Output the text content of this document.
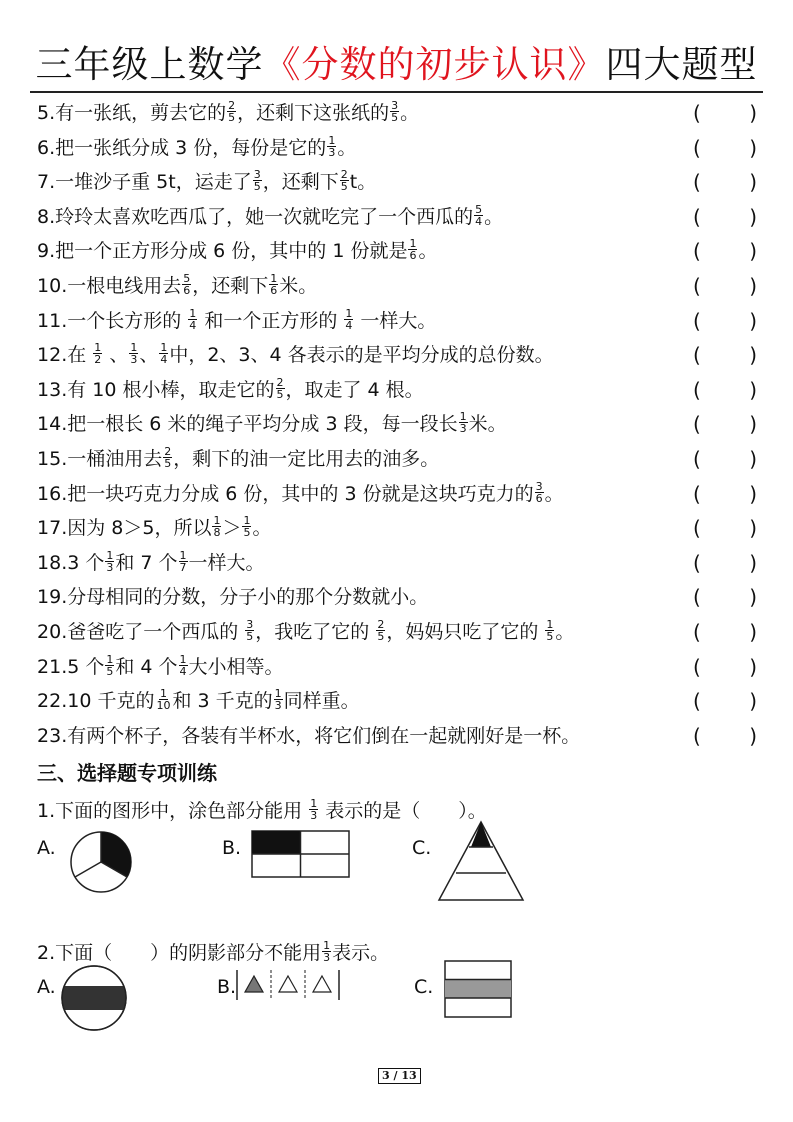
三年级上数学《分数的初步认识》四大题型
5.有一张纸，剪去它的 $\frac{2}{5}$ ，还剩下这张纸的 $\frac{3}{5}$ 。	( )
6.把一张纸分成 3 份，每份是它的 $\frac{1}{3}$ 。	( )
7.一堆沙子重 5t，运走了 $\frac{3}{5}$ ，还剩下 $\frac{2}{5}$ t。	( )
8.玲玲太喜欢吃西瓜了，她一次就吃完了一个西瓜的 $\frac{5}{4}$ 。	( )
9.把一个正方形分成 6 份，其中的 1 份就是 $\frac{1}{6}$ 。	( )
10.一根电线用去 $\frac{5}{6}$ ，还剩下 $\frac{1}{6}$ 米。	( )
11.一个长方形的 $\frac{1}{4}$ 和一个正方形的 $\frac{1}{4}$ 一样大。	( )
12.在 $\frac{1}{2}$ 、 $\frac{1}{3}$ 、 $\frac{1}{4}$ 中，2、3、4 各表示的是平均分成的总份数。	( )
13.有 10 根小棒，取走它的 $\frac{2}{5}$ ，取走了 4 根。	( )
14.把一根长 6 米的绳子平均分成 3 段，每一段长 $\frac{1}{3}$ 米。	( )
15.一桶油用去 $\frac{2}{5}$ ，剩下的油一定比用去的油多。	( )
16.把一块巧克力分成 6 份，其中的 3 份就是这块巧克力的 $\frac{3}{6}$ 。	( )
17.因为 8＞5，所以 $\frac{1}{8} > \frac{1}{5}$ 。	( )
18.3 个 $\frac{1}{3}$ 和 7 个 $\frac{1}{7}$ 一样大。	( )
19.分母相同的分数，分子小的那个分数就小。	( )
20.爸爸吃了一个西瓜的 $\frac{3}{5}$ ，我吃了它的 $\frac{2}{5}$ ，妈妈只吃了它的 $\frac{1}{5}$ 。	( )
21.5 个 $\frac{1}{5}$ 和 4 个 $\frac{1}{4}$ 大小相等。	( )
22.10 千克的 $\frac{1}{10}$ 和 3 千克的 $\frac{1}{3}$ 同样重。	( )
23.有两个杯子，各装有半杯水，将它们倒在一起就刚好是一杯。	( )
三、选择题专项训练
1.下面的图形中，涂色部分能用 $\frac{1}{3}$ 表示的是（　　）。
A.	B.	C.
2.下面（　　）的阴影部分不能用 $\frac{1}{3}$ 表示。
A.	B.	C.
3 / 13
